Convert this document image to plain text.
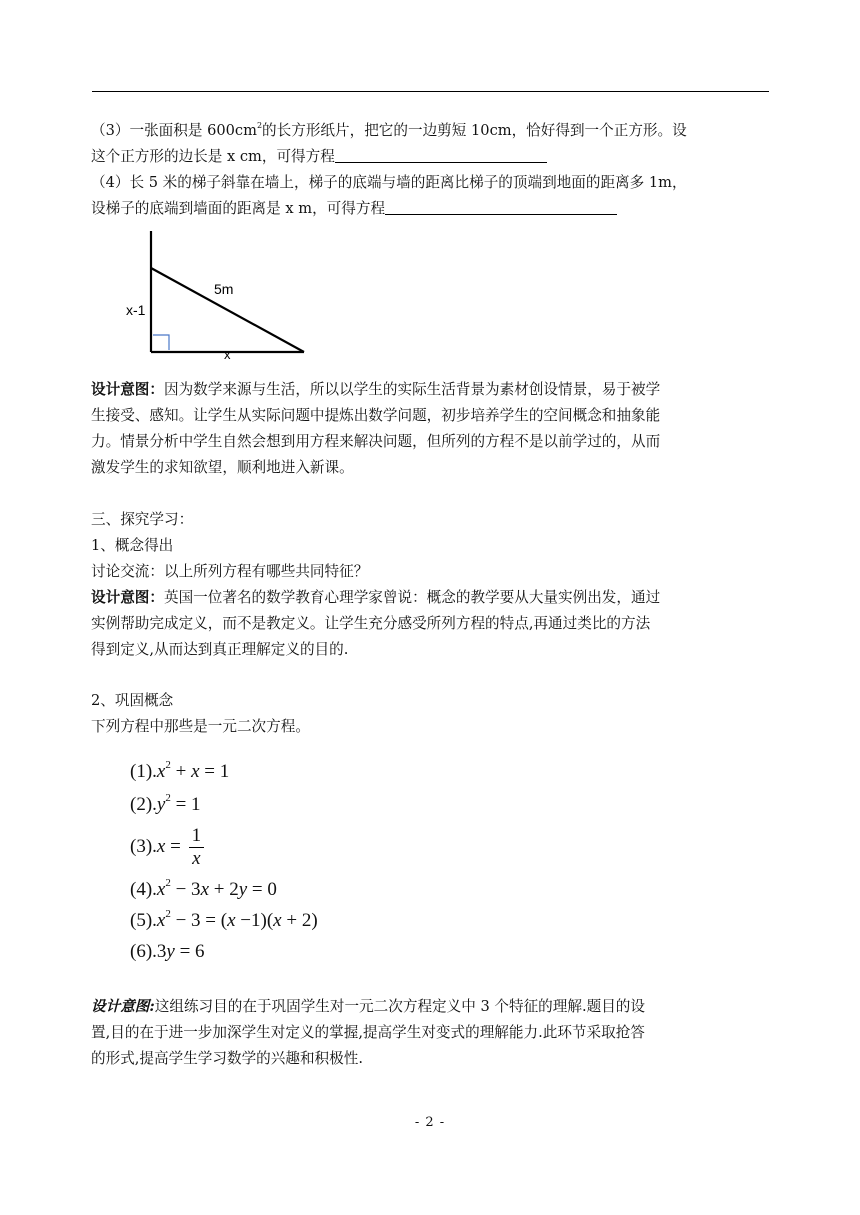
（3）一张面积是 $600cm^2$的长方形纸片，把它的一边剪短 10cm，恰好得到一个正方形。设
这个正方形的边长是 x cm，可得方程

（4）长 5 米的梯子斜靠在墙上，梯子的底端与墙的距离比梯子的顶端到地面的距离多 1m，
设梯子的底端到墙面的距离是 x m，可得方程

5m
x-1
x

设计意图：因为数学来源与生活，所以以学生的实际生活背景为素材创设情景，易于被学
生接受、感知。让学生从实际问题中提炼出数学问题，初步培养学生的空间概念和抽象能
力。情景分析中学生自然会想到用方程来解决问题，但所列的方程不是以前学过的，从而
激发学生的求知欲望，顺利地进入新课。

三、探究学习：
1、概念得出
讨论交流：以上所列方程有哪些共同特征？
设计意图：英国一位著名的数学教育心理学家曾说：概念的教学要从大量实例出发，通过
实例帮助完成定义，而不是教定义。让学生充分感受所列方程的特点,再通过类比的方法
得到定义,从而达到真正理解定义的目的.

2、巩固概念
下列方程中那些是一元二次方程。

$(1).x^2 + x = 1$
$(2).y^2 = 1$
$(3).x = \frac{1}{x}$
$(4).x^2 - 3x + 2y = 0$
$(5).x^2 - 3 = (x -1)(x + 2)$
(6).3y = 6

设计意图:这组练习目的在于巩固学生对一元二次方程定义中 3 个特征的理解.题目的设
置,目的在于进一步加深学生对定义的掌握,提高学生对变式的理解能力.此环节采取抢答
的形式,提高学生学习数学的兴趣和积极性.

- 2 -
